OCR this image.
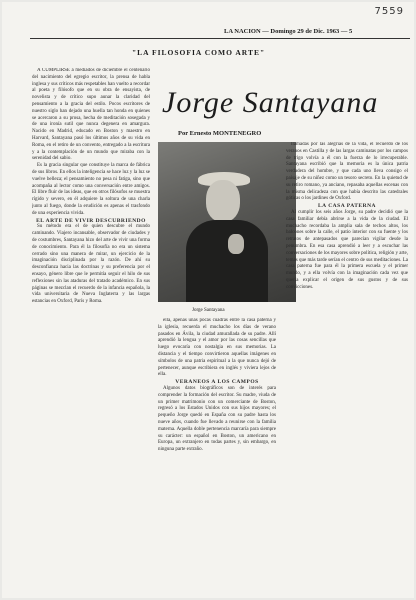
7559
LA NACION — Domingo 29 de Dic. 1963 — 5
"LA FILOSOFIA COMO ARTE"
Jorge Santayana
Por Ernesto MONTENEGRO

A CUMPLIRSE a mediados de diciembre el centenario del nacimiento del egregio escritor, la prensa de habla inglesa y sus críticos más respetables han vuelto a recordar al poeta y filósofo que en su obra de ensayista, de novelista y de crítico supo aunar la claridad del pensamiento a la gracia del estilo. Pocos escritores de nuestro siglo han dejado una huella tan honda en quienes se acercaron a su prosa, hecha de meditación sosegada y de una ironía sutil que nunca degenera en amargura. Nacido en Madrid, educado en Boston y maestro en Harvard, Santayana pasó los últimos años de su vida en Roma, en el retiro de un convento, entregado a la escritura y a la contemplación de un mundo que miraba con la serenidad del sabio.

Es la gracia singular que constituye la marca de fábrica de sus libros. En ellos la inteligencia se hace luz y la luz se vuelve belleza; el pensamiento no pesa ni fatiga, sino que acompaña al lector como una conversación entre amigos. El libre fluir de las ideas, que en otros filósofos se muestra rígido y severo, en él adquiere la soltura de una charla junto al fuego, donde la erudición es apenas el trasfondo de una experiencia vivida.

EL ARTE DE VIVIR DESCUBRIENDO

Su método era el de quien descubre el mundo caminando. Viajero incansable, observador de ciudades y de costumbres, Santayana hizo del arte de vivir una forma de conocimiento. Para él la filosofía no era un sistema cerrado sino una manera de mirar, un ejercicio de la imaginación disciplinada por la razón. De ahí su desconfianza hacia las doctrinas y su preferencia por el ensayo, género libre que le permitía seguir el hilo de sus reflexiones sin las ataduras del tratado académico. En sus páginas se mezclan el recuerdo de la infancia española, la vida universitaria de Nueva Inglaterra y las largas estancias en Oxford, París y Roma.

Jorge Santayana

ella, apenas unas pocas cuadras entre la casa paterna y la iglesia, recuerda el muchacho los días de verano pasados en Ávila, la ciudad amurallada de su padre. Allí aprendió la lengua y el amor por las cosas sencillas que luego evocaría con nostalgia en sus memorias. La distancia y el tiempo convirtieron aquellas imágenes en símbolos de una patria espiritual a la que nunca dejó de pertenecer, aunque escribiera en inglés y viviera lejos de ella.

VERANEOS A LOS CAMPOS

Algunos datos biográficos son de interés para comprender la formación del escritor. Su madre, viuda de un primer matrimonio con un comerciante de Boston, regresó a los Estados Unidos con sus hijos mayores; el pequeño Jorge quedó en España con su padre hasta los nueve años, cuando fue llevado a reunirse con la familia materna. Aquella doble pertenencia marcaría para siempre su carácter: un español en Boston, un americano en Europa, un extranjero en todas partes y, sin embargo, en ninguna parte extraño.

llamadas por las alegrías de la vida, el recuerdo de los veranos en Castilla y de las largas caminatas por los campos de trigo volvía a él con la fuerza de lo irrecuperable. Santayana escribió que la memoria es la única patria verdadera del hombre, y que cada uno lleva consigo el paisaje de su niñez como un tesoro secreto. En la quietud de su retiro romano, ya anciano, repasaba aquellas escenas con la misma delicadeza con que había descrito las catedrales góticas o los jardines de Oxford.

LA CASA PATERNA

Al cumplir los seis años Jorge, su padre decidió que la casa familiar debía abrirse a la vida de la ciudad. El muchacho recordaba la amplia sala de techos altos, los balcones sobre la calle, el patio interior con su fuente y los retratos de antepasados que parecían vigilar desde la penumbra. En esa casa aprendió a leer y a escuchar las conversaciones de los mayores sobre política, religión y arte, temas que más tarde serían el centro de sus meditaciones. La casa paterna fue para él la primera escuela y el primer mundo, y a ella volvía con la imaginación cada vez que quería explicar el origen de sus gustos y de sus convicciones.
